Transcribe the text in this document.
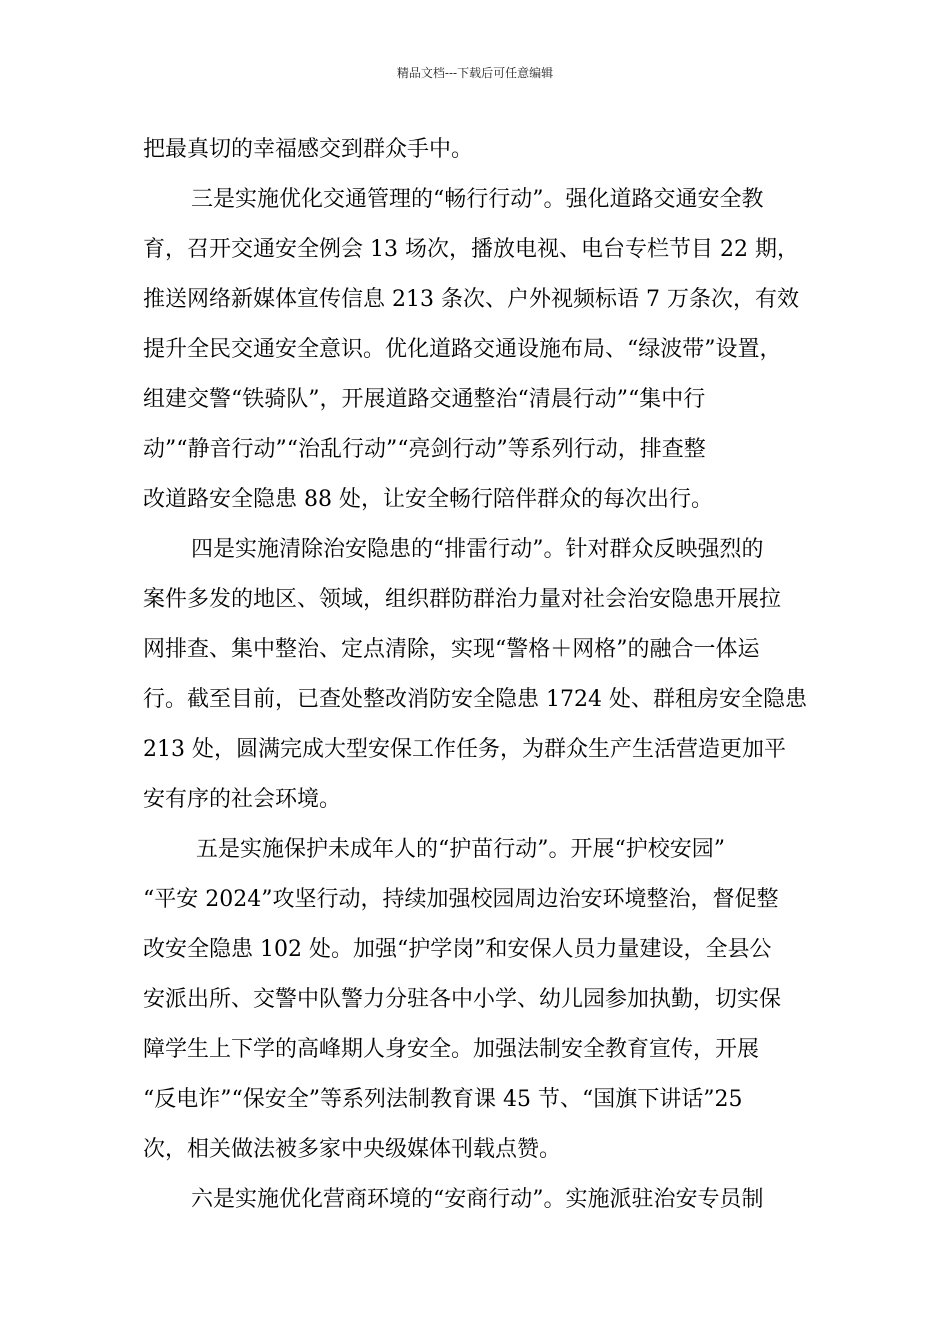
精品文档---下载后可任意编辑
把最真切的幸福感交到群众手中。
三是实施优化交通管理的“畅行行动”。强化道路交通安全教
育，召开交通安全例会 13 场次，播放电视、电台专栏节目 22 期，
推送网络新媒体宣传信息 213 条次、户外视频标语 7 万条次，有效
提升全民交通安全意识。优化道路交通设施布局、“绿波带”设置，
组建交警“铁骑队”，开展道路交通整治“清晨行动”“集中行
动”“静音行动”“治乱行动”“亮剑行动”等系列行动，排查整
改道路安全隐患 88 处，让安全畅行陪伴群众的每次出行。
四是实施清除治安隐患的“排雷行动”。针对群众反映强烈的
案件多发的地区、领域，组织群防群治力量对社会治安隐患开展拉
网排查、集中整治、定点清除，实现“警格＋网格”的融合一体运
行。截至目前，已查处整改消防安全隐患 1724 处、群租房安全隐患
213 处，圆满完成大型安保工作任务，为群众生产生活营造更加平
安有序的社会环境。
五是实施保护未成年人的“护苗行动”。开展“护校安园”
“平安 2024”攻坚行动，持续加强校园周边治安环境整治，督促整
改安全隐患 102 处。加强“护学岗”和安保人员力量建设，全县公
安派出所、交警中队警力分驻各中小学、幼儿园参加执勤，切实保
障学生上下学的高峰期人身安全。加强法制安全教育宣传，开展
“反电诈”“保安全”等系列法制教育课 45 节、“国旗下讲话”25
次，相关做法被多家中央级媒体刊载点赞。
六是实施优化营商环境的“安商行动”。实施派驻治安专员制
